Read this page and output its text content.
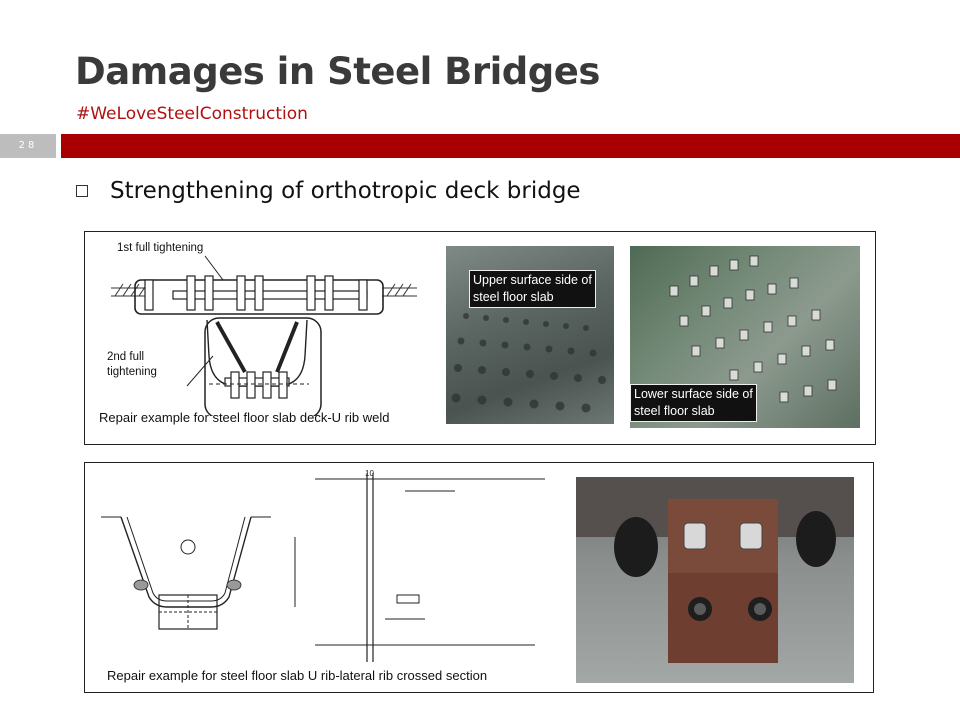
Damages in Steel Bridges
#WeLoveSteelConstruction
28
Strengthening of orthotropic deck bridge
1st full tightening
2nd full
tightening
Repair example for steel floor slab deck-U rib weld
Upper surface side of
steel floor slab
Lower surface side of
steel floor slab
10
Repair example for steel floor slab U rib-lateral rib crossed section
